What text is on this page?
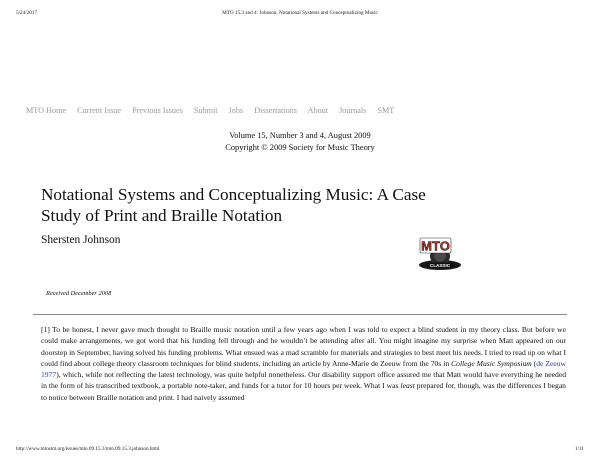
5/24/2017	MTO 15.3 and 4: Johnson, Notational Systems and Conceptualizing Music
MTO Home Current Issue Previous Issues Submit Jobs Dissertations About Journals SMT
Volume 15, Number 3 and 4, August 2009
Copyright © 2009 Society for Music Theory
Notational Systems and Conceptualizing Music: A Case
Study of Print and Braille Notation
Shersten Johnson	MTO
CLASSIC
Received December 2008

[1] To be honest, I never gave much thought to Braille music notation until a few years ago when I was told to expect a blind student in my theory class. But before we could make arrangements, we got word that his funding fell through and he wouldn’t be attending after all. You might imagine my surprise when Matt appeared on our doorstep in September, having solved his funding problems. What ensued was a mad scramble for materials and strategies to best meet his needs. I tried to read up on what I could find about college theory classroom techniques for blind students, including an article by Anne-Marie de Zeeuw from the 70s in College Music Symposium (de Zeeuw 1977), which, while not reflecting the latest technology, was quite helpful nonetheless. Our disability support office assured me that Matt would have everything he needed in the form of his transcribed textbook, a portable note-taker, and funds for a tutor for 10 hours per week. What I was least prepared for, though, was the differences I began to notice between Braille notation and print. I had naively assumed

http://www.mtosmt.org/issues/mto.09.15.3/mto.09.15.3.johnson.html	1/11
